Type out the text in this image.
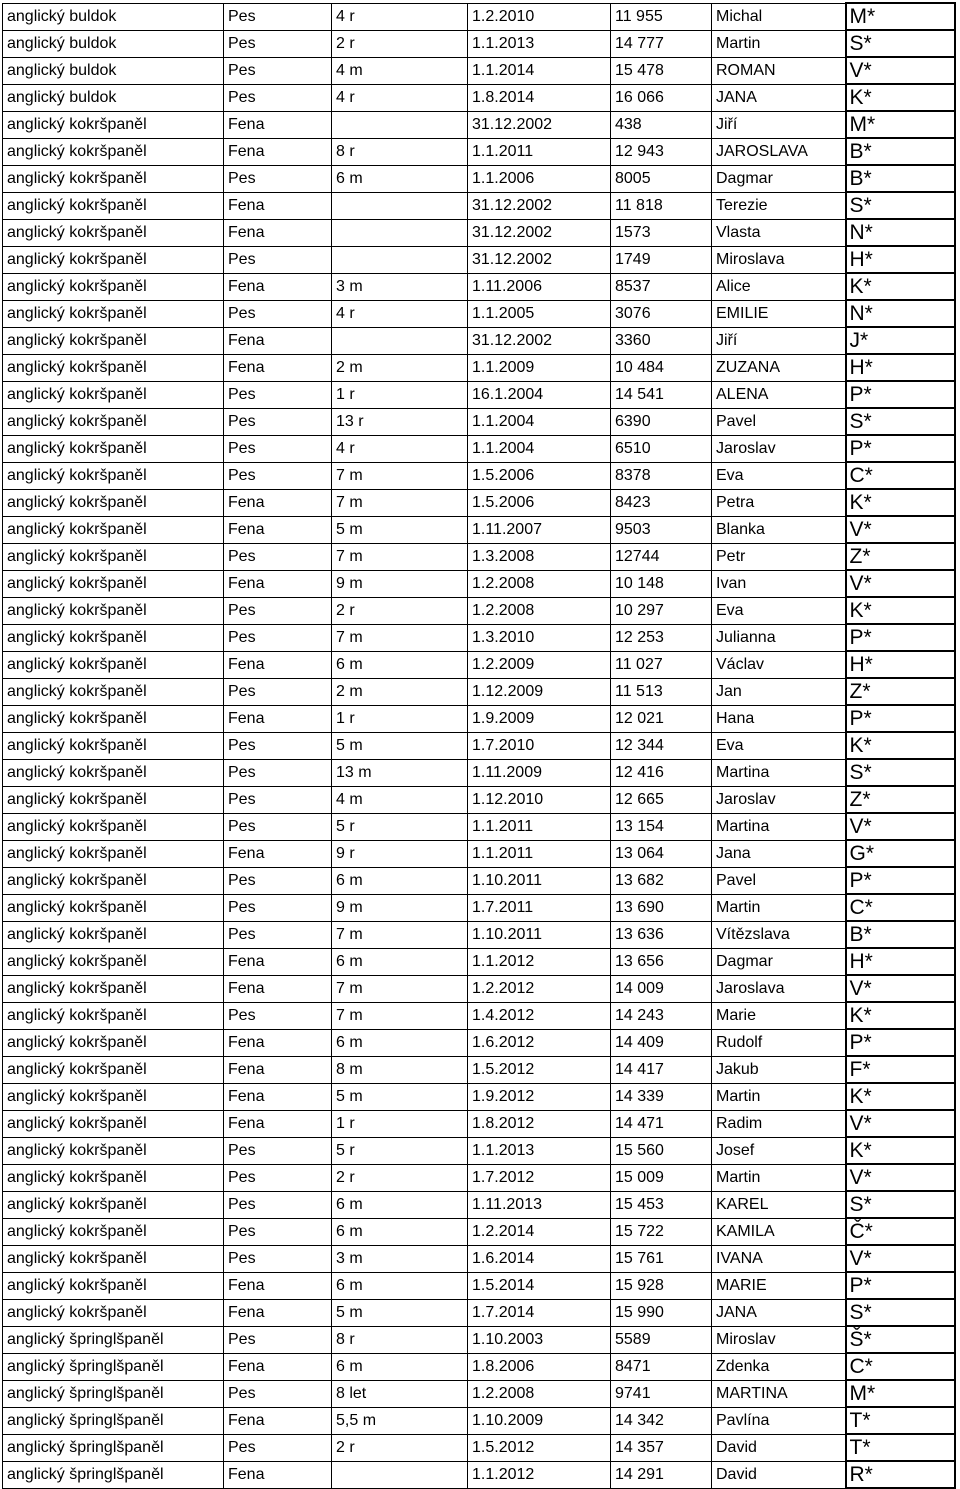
anglický buldok	Pes	4 r	1.2.2010	11 955	Michal	M*
anglický buldok	Pes	2 r	1.1.2013	14 777	Martin	S*
anglický buldok	Pes	4 m	1.1.2014	15 478	ROMAN	V*
anglický buldok	Pes	4 r	1.8.2014	16 066	JANA	K*
anglický kokršpaněl	Fena		31.12.2002	438	Jiří	M*
anglický kokršpaněl	Fena	8 r	1.1.2011	12 943	JAROSLAVA	B*
anglický kokršpaněl	Pes	6 m	1.1.2006	8005	Dagmar	B*
anglický kokršpaněl	Fena		31.12.2002	11 818	Terezie	S*
anglický kokršpaněl	Fena		31.12.2002	1573	Vlasta	N*
anglický kokršpaněl	Pes		31.12.2002	1749	Miroslava	H*
anglický kokršpaněl	Fena	3 m	1.11.2006	8537	Alice	K*
anglický kokršpaněl	Pes	4 r	1.1.2005	3076	EMILIE	N*
anglický kokršpaněl	Fena		31.12.2002	3360	Jiří	J*
anglický kokršpaněl	Fena	2 m	1.1.2009	10 484	ZUZANA	H*
anglický kokršpaněl	Pes	1 r	16.1.2004	14 541	ALENA	P*
anglický kokršpaněl	Pes	13 r	1.1.2004	6390	Pavel	S*
anglický kokršpaněl	Pes	4 r	1.1.2004	6510	Jaroslav	P*
anglický kokršpaněl	Pes	7 m	1.5.2006	8378	Eva	C*
anglický kokršpaněl	Fena	7 m	1.5.2006	8423	Petra	K*
anglický kokršpaněl	Fena	5 m	1.11.2007	9503	Blanka	V*
anglický kokršpaněl	Pes	7 m	1.3.2008	12744	Petr	Z*
anglický kokršpaněl	Fena	9 m	1.2.2008	10 148	Ivan	V*
anglický kokršpaněl	Pes	2 r	1.2.2008	10 297	Eva	K*
anglický kokršpaněl	Pes	7 m	1.3.2010	12 253	Julianna	P*
anglický kokršpaněl	Fena	6 m	1.2.2009	11 027	Václav	H*
anglický kokršpaněl	Pes	2 m	1.12.2009	11 513	Jan	Z*
anglický kokršpaněl	Fena	1 r	1.9.2009	12 021	Hana	P*
anglický kokršpaněl	Pes	5 m	1.7.2010	12 344	Eva	K*
anglický kokršpaněl	Pes	13 m	1.11.2009	12 416	Martina	S*
anglický kokršpaněl	Pes	4 m	1.12.2010	12 665	Jaroslav	Z*
anglický kokršpaněl	Pes	5 r	1.1.2011	13 154	Martina	V*
anglický kokršpaněl	Fena	9 r	1.1.2011	13 064	Jana	G*
anglický kokršpaněl	Pes	6 m	1.10.2011	13 682	Pavel	P*
anglický kokršpaněl	Pes	9 m	1.7.2011	13 690	Martin	C*
anglický kokršpaněl	Pes	7 m	1.10.2011	13 636	Vítězslava	B*
anglický kokršpaněl	Fena	6 m	1.1.2012	13 656	Dagmar	H*
anglický kokršpaněl	Fena	7 m	1.2.2012	14 009	Jaroslava	V*
anglický kokršpaněl	Pes	7 m	1.4.2012	14 243	Marie	K*
anglický kokršpaněl	Fena	6 m	1.6.2012	14 409	Rudolf	P*
anglický kokršpaněl	Fena	8 m	1.5.2012	14 417	Jakub	F*
anglický kokršpaněl	Fena	5 m	1.9.2012	14 339	Martin	K*
anglický kokršpaněl	Fena	1 r	1.8.2012	14 471	Radim	V*
anglický kokršpaněl	Pes	5 r	1.1.2013	15 560	Josef	K*
anglický kokršpaněl	Pes	2 r	1.7.2012	15 009	Martin	V*
anglický kokršpaněl	Pes	6 m	1.11.2013	15 453	KAREL	S*
anglický kokršpaněl	Pes	6 m	1.2.2014	15 722	KAMILA	Č*
anglický kokršpaněl	Pes	3 m	1.6.2014	15 761	IVANA	V*
anglický kokršpaněl	Fena	6 m	1.5.2014	15 928	MARIE	P*
anglický kokršpaněl	Fena	5 m	1.7.2014	15 990	JANA	S*
anglický špringlšpaněl	Pes	8 r	1.10.2003	5589	Miroslav	Š*
anglický špringlšpaněl	Fena	6 m	1.8.2006	8471	Zdenka	C*
anglický špringlšpaněl	Pes	8 let	1.2.2008	9741	MARTINA	M*
anglický špringlšpaněl	Fena	5,5 m	1.10.2009	14 342	Pavlína	T*
anglický špringlšpaněl	Pes	2 r	1.5.2012	14 357	David	T*
anglický špringlšpaněl	Fena		1.1.2012	14 291	David	R*
